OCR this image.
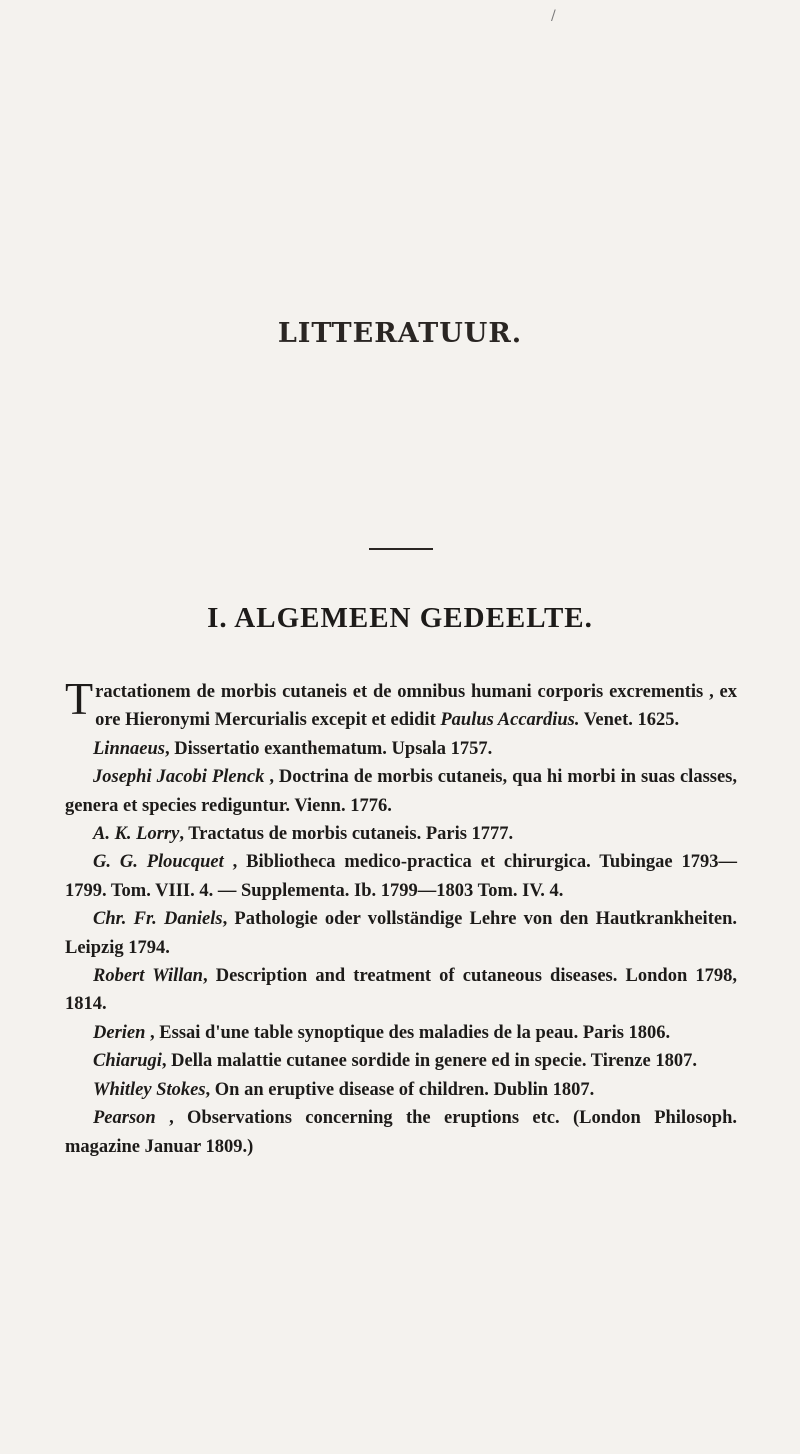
/
LITTERATUUR.
I. ALGEMEEN GEDEELTE.

Tractationem de morbis cutaneis et de omnibus humani corporis excrementis , ex ore Hieronymi Mercurialis excepit et edidit Paulus Accardius. Venet. 1625.

Linnaeus, Dissertatio exanthematum. Upsala 1757.

Josephi Jacobi Plenck , Doctrina de morbis cutaneis, qua hi morbi in suas classes, genera et species rediguntur. Vienn. 1776.

A. K. Lorry, Tractatus de morbis cutaneis. Paris 1777.

G. G. Ploucquet , Bibliotheca medico-practica et chirurgica. Tubingae 1793—1799. Tom. VIII. 4. — Supplementa. Ib. 1799—1803 Tom. IV. 4.

Chr. Fr. Daniels, Pathologie oder vollständige Lehre von den Hautkrankheiten. Leipzig 1794.

Robert Willan, Description and treatment of cutaneous diseases. London 1798, 1814.

Derien , Essai d'une table synoptique des maladies de la peau. Paris 1806.

Chiarugi, Della malattie cutanee sordide in genere ed in specie. Tirenze 1807.

Whitley Stokes, On an eruptive disease of children. Dublin 1807.

Pearson , Observations concerning the eruptions etc. (London Philosoph. magazine Januar 1809.)
